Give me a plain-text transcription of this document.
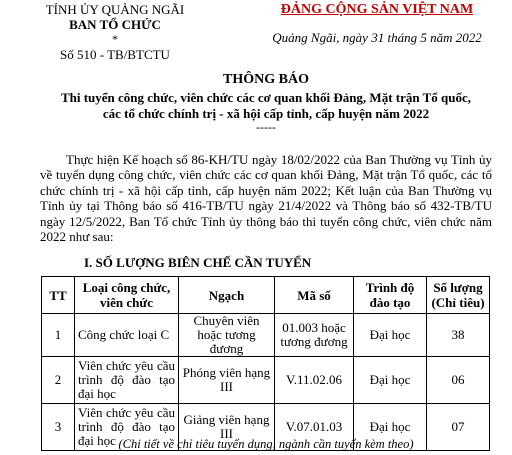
TỈNH ỦY QUẢNG NGÃI
BAN TỔ CHỨC
*
Số 510 - TB/BTCTU
ĐẢNG CỘNG SẢN VIỆT NAM
Quảng Ngãi, ngày 31 tháng 5 năm 2022
THÔNG BÁO
Thi tuyển công chức, viên chức các cơ quan khối Đảng, Mặt trận Tổ quốc,
các tổ chức chính trị - xã hội cấp tỉnh, cấp huyện năm 2022
-----
Thực hiện Kế hoạch số 86-KH/TU ngày 18/02/2022 của Ban Thường vụ Tỉnh ủy về tuyển dụng công chức, viên chức các cơ quan khối Đảng, Mặt trận Tổ quốc, các tổ chức chính trị - xã hội cấp tỉnh, cấp huyện năm 2022; Kết luận của Ban Thường vụ Tỉnh ủy tại Thông báo số 416-TB/TU ngày 21/4/2022 và Thông báo số 432-TB/TU ngày 12/5/2022, Ban Tổ chức Tỉnh ủy thông báo thi tuyển công chức, viên chức năm 2022 như sau:
I. SỐ LƯỢNG BIÊN CHẾ CẦN TUYỂN
TT	Loại công chức, viên chức	Ngạch	Mã số	Trình độ đào tạo	Số lượng (Chỉ tiêu)
1	Công chức loại C	Chuyên viên hoặc tương đương	01.003 hoặc tương đương	Đại học	38
2	Viên chức yêu cầu trình độ đào tạo đại học	Phóng viên hạng III	V.11.02.06	Đại học	06
3	Viên chức yêu cầu trình độ đào tạo đại học	Giảng viên hạng III	V.07.01.03	Đại học	07
(Chi tiết về chỉ tiêu tuyển dụng, ngành cần tuyển kèm theo)
